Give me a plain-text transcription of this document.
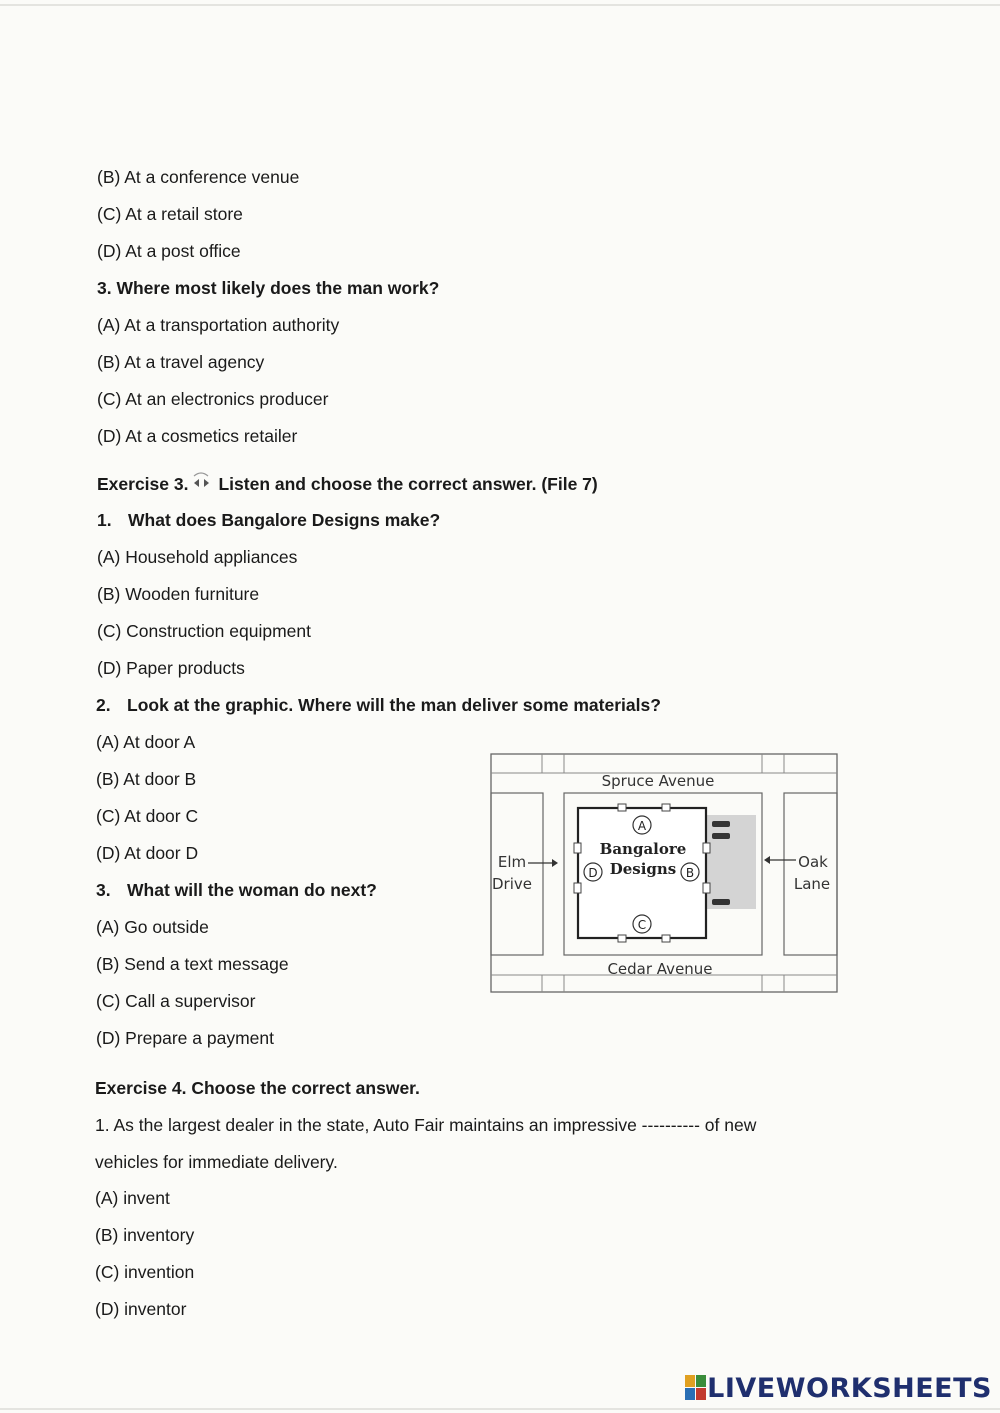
(B) At a conference venue
(C) At a retail store
(D) At a post office
3. Where most likely does the man work?
(A) At a transportation authority
(B) At a travel agency
(C) At an electronics producer
(D) At a cosmetics retailer
Exercise 3. Listen and choose the correct answer. (File 7)
1. What does Bangalore Designs make?
(A) Household appliances
(B) Wooden furniture
(C) Construction equipment
(D) Paper products
2. Look at the graphic. Where will the man deliver some materials?
(A) At door A
(B) At door B
(C) At door C
(D) At door D
3. What will the woman do next?
(A) Go outside
(B) Send a text message
(C) Call a supervisor
(D) Prepare a payment
Spruce Avenue
Cedar Avenue
Elm
Drive
Oak
Lane
A
D	B
C
Bangalore
Designs
Exercise 4. Choose the correct answer.
1. As the largest dealer in the state, Auto Fair maintains an impressive ---------- of new
vehicles for immediate delivery.
(A) invent
(B) inventory
(C) invention
(D) inventor
LIVEWORKSHEETS
